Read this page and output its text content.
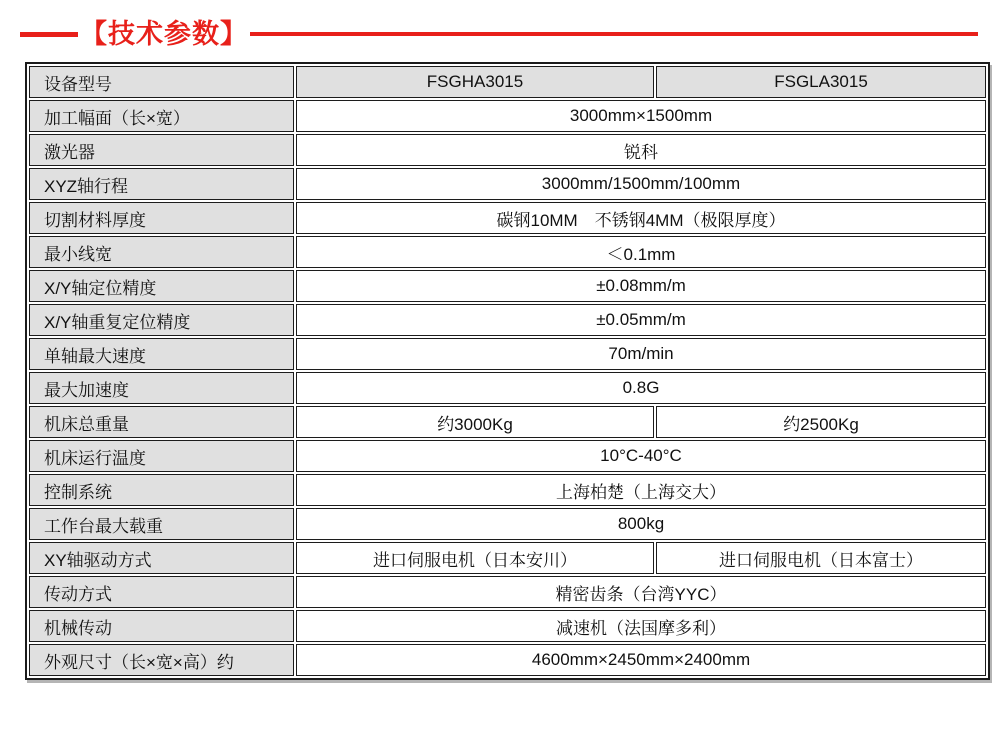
【技术参数】
设备型号	FSGHA3015	FSGLA3015
加工幅面（长×宽）	3000mm×1500mm	
激光器	锐科	
XYZ轴行程	3000mm/1500mm/100mm	
切割材料厚度	碳钢10MM　不锈钢4MM（极限厚度）	
最小线宽	＜0.1mm	
X/Y轴定位精度	±0.08mm/m	
X/Y轴重复定位精度	±0.05mm/m	
单轴最大速度	70m/min	
最大加速度	0.8G	
机床总重量	约3000Kg	约2500Kg
机床运行温度	10°C-40°C	
控制系统	上海柏楚（上海交大）	
工作台最大载重	800kg	
XY轴驱动方式	进口伺服电机（日本安川）	进口伺服电机（日本富士）
传动方式	精密齿条（台湾YYC）	
机械传动	减速机（法国摩多利）	
外观尺寸（长×宽×高）约	4600mm×2450mm×2400mm	
